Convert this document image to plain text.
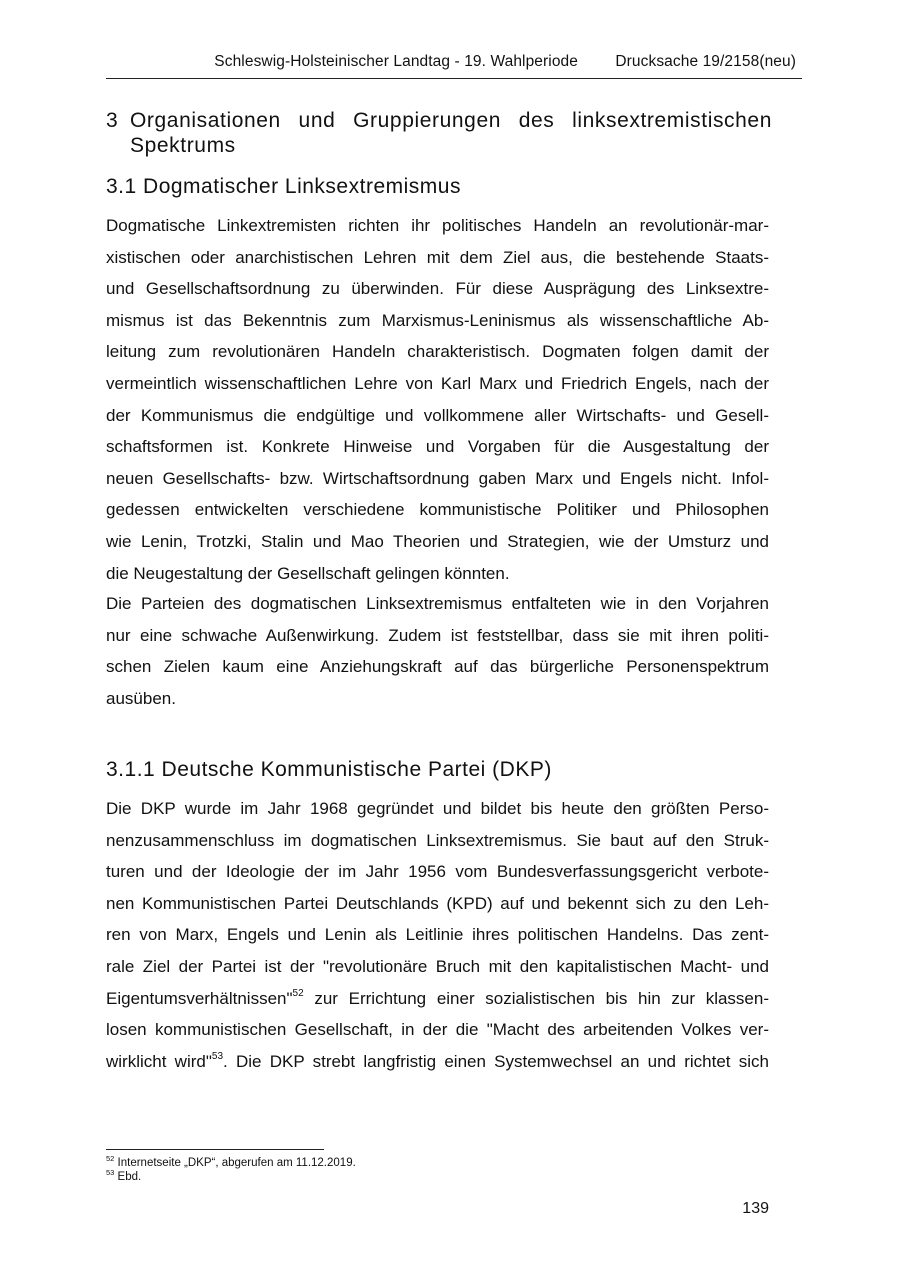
Schleswig-Holsteinischer Landtag - 19. Wahlperiode Drucksache 19/2158(neu)
3 Organisationen und Gruppierungen des linksextremistischen
Spektrums
3.1 Dogmatischer Linksextremismus
Dogmatische Linkextremisten richten ihr politisches Handeln an revolutionär-mar-
xistischen oder anarchistischen Lehren mit dem Ziel aus, die bestehende Staats-
und Gesellschaftsordnung zu überwinden. Für diese Ausprägung des Linksextre-
mismus ist das Bekenntnis zum Marxismus-Leninismus als wissenschaftliche Ab-
leitung zum revolutionären Handeln charakteristisch. Dogmaten folgen damit der
vermeintlich wissenschaftlichen Lehre von Karl Marx und Friedrich Engels, nach der
der Kommunismus die endgültige und vollkommene aller Wirtschafts- und Gesell-
schaftsformen ist. Konkrete Hinweise und Vorgaben für die Ausgestaltung der
neuen Gesellschafts- bzw. Wirtschaftsordnung gaben Marx und Engels nicht. Infol-
gedessen entwickelten verschiedene kommunistische Politiker und Philosophen
wie Lenin, Trotzki, Stalin und Mao Theorien und Strategien, wie der Umsturz und
die Neugestaltung der Gesellschaft gelingen könnten.
Die Parteien des dogmatischen Linksextremismus entfalteten wie in den Vorjahren
nur eine schwache Außenwirkung. Zudem ist feststellbar, dass sie mit ihren politi-
schen Zielen kaum eine Anziehungskraft auf das bürgerliche Personenspektrum
ausüben.
3.1.1 Deutsche Kommunistische Partei (DKP)
Die DKP wurde im Jahr 1968 gegründet und bildet bis heute den größten Perso-
nenzusammenschluss im dogmatischen Linksextremismus. Sie baut auf den Struk-
turen und der Ideologie der im Jahr 1956 vom Bundesverfassungsgericht verbote-
nen Kommunistischen Partei Deutschlands (KPD) auf und bekennt sich zu den Leh-
ren von Marx, Engels und Lenin als Leitlinie ihres politischen Handelns. Das zent-
rale Ziel der Partei ist der "revolutionäre Bruch mit den kapitalistischen Macht- und
Eigentumsverhältnissen"$^{52}$ zur Errichtung einer sozialistischen bis hin zur klassen-
losen kommunistischen Gesellschaft, in der die "Macht des arbeitenden Volkes ver-
wirklicht wird"$^{53}$. Die DKP strebt langfristig einen Systemwechsel an und richtet sich
$^{52}$ Internetseite „DKP“, abgerufen am 11.12.2019.
$^{53}$ Ebd.
139
